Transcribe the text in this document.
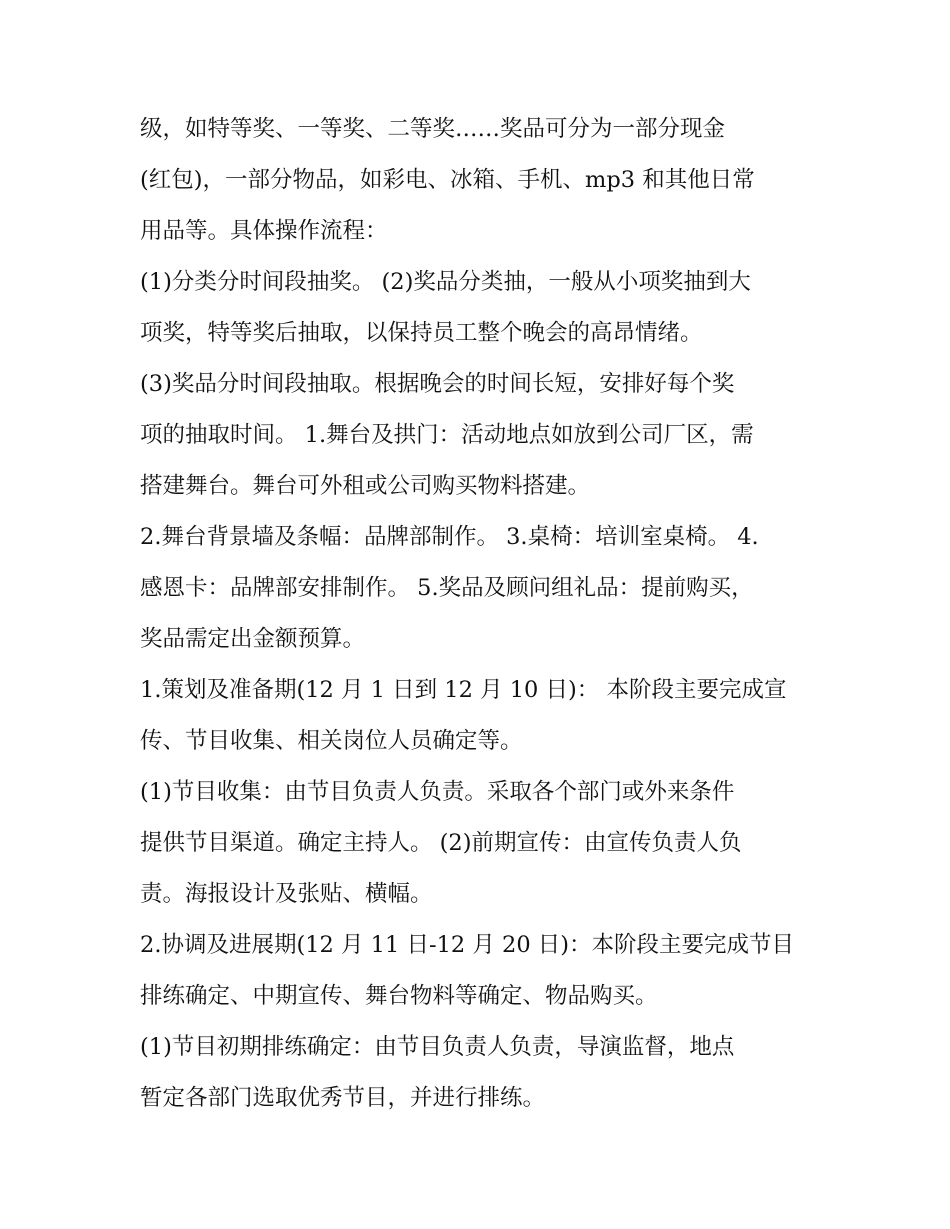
级，如特等奖、一等奖、二等奖……奖品可分为一部分现金
(红包)，一部分物品，如彩电、冰箱、手机、mp3 和其他日常
用品等。具体操作流程：
(1)分类分时间段抽奖。 (2)奖品分类抽，一般从小项奖抽到大
项奖，特等奖后抽取，以保持员工整个晚会的高昂情绪。
(3)奖品分时间段抽取。根据晚会的时间长短，安排好每个奖
项的抽取时间。 1.舞台及拱门：活动地点如放到公司厂区，需
搭建舞台。舞台可外租或公司购买物料搭建。
2.舞台背景墙及条幅：品牌部制作。 3.桌椅：培训室桌椅。 4.
感恩卡：品牌部安排制作。 5.奖品及顾问组礼品：提前购买，
奖品需定出金额预算。
1.策划及准备期(12 月 1 日到 12 月 10 日)： 本阶段主要完成宣
传、节目收集、相关岗位人员确定等。
(1)节目收集：由节目负责人负责。采取各个部门或外来条件
提供节目渠道。确定主持人。 (2)前期宣传：由宣传负责人负
责。海报设计及张贴、横幅。
2.协调及进展期(12 月 11 日-12 月 20 日)：本阶段主要完成节目
排练确定、中期宣传、舞台物料等确定、物品购买。
(1)节目初期排练确定：由节目负责人负责，导演监督，地点
暂定各部门选取优秀节目，并进行排练。
